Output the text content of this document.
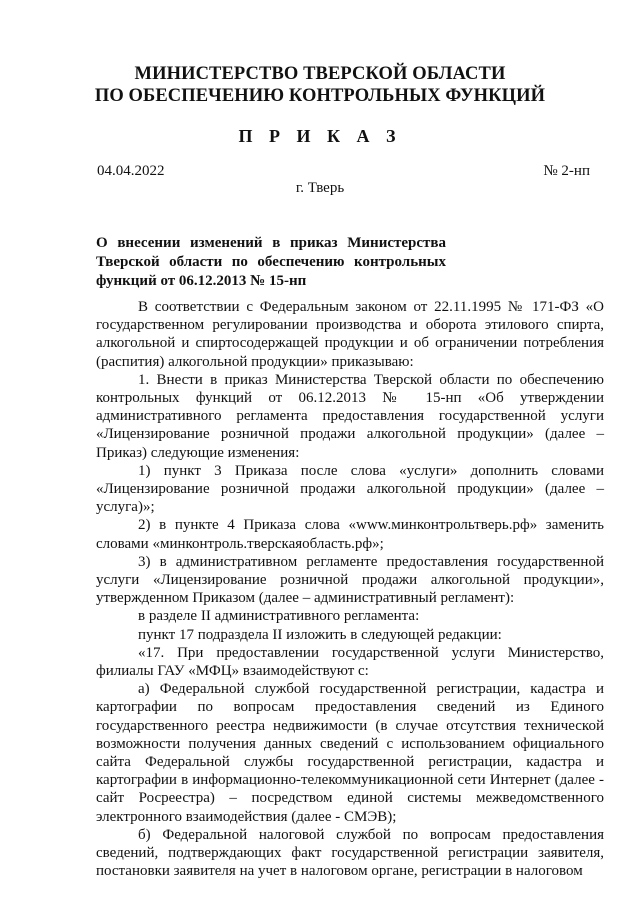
МИНИСТЕРСТВО ТВЕРСКОЙ ОБЛАСТИ
ПО ОБЕСПЕЧЕНИЮ КОНТРОЛЬНЫХ ФУНКЦИЙ
П Р И К А З
04.04.2022	№ 2-нп
г. Тверь
О внесении изменений в приказ Министерства Тверской области по обеспечению контрольных функций от 06.12.2013 № 15-нп

В соответствии с Федеральным законом от 22.11.1995 № 171-ФЗ «О государственном регулировании производства и оборота этилового спирта, алкогольной и спиртосодержащей продукции и об ограничении потребления (распития) алкогольной продукции» приказываю:

1. Внести в приказ Министерства Тверской области по обеспечению контрольных функций от 06.12.2013 № 15-нп «Об утверждении административного регламента предоставления государственной услуги «Лицензирование розничной продажи алкогольной продукции» (далее – Приказ) следующие изменения:

1) пункт 3 Приказа после слова «услуги» дополнить словами «Лицензирование розничной продажи алкогольной продукции» (далее – услуга)»;

2) в пункте 4 Приказа слова «www.минконтрольтверь.рф» заменить словами «минконтроль.тверскаяобласть.рф»;

3) в административном регламенте предоставления государственной услуги «Лицензирование розничной продажи алкогольной продукции», утвержденном Приказом (далее – административный регламент):

в разделе II административного регламента:

пункт 17 подраздела II изложить в следующей редакции:

«17. При предоставлении государственной услуги Министерство, филиалы ГАУ «МФЦ» взаимодействуют с:

а) Федеральной службой государственной регистрации, кадастра и картографии по вопросам предоставления сведений из Единого государственного реестра недвижимости (в случае отсутствия технической возможности получения данных сведений с использованием официального сайта Федеральной службы государственной регистрации, кадастра и картографии в информационно-телекоммуникационной сети Интернет (далее - сайт Росреестра) – посредством единой системы межведомственного электронного взаимодействия (далее - СМЭВ);

б) Федеральной налоговой службой по вопросам предоставления сведений, подтверждающих факт государственной регистрации заявителя, постановки заявителя на учет в налоговом органе, регистрации в налоговом
